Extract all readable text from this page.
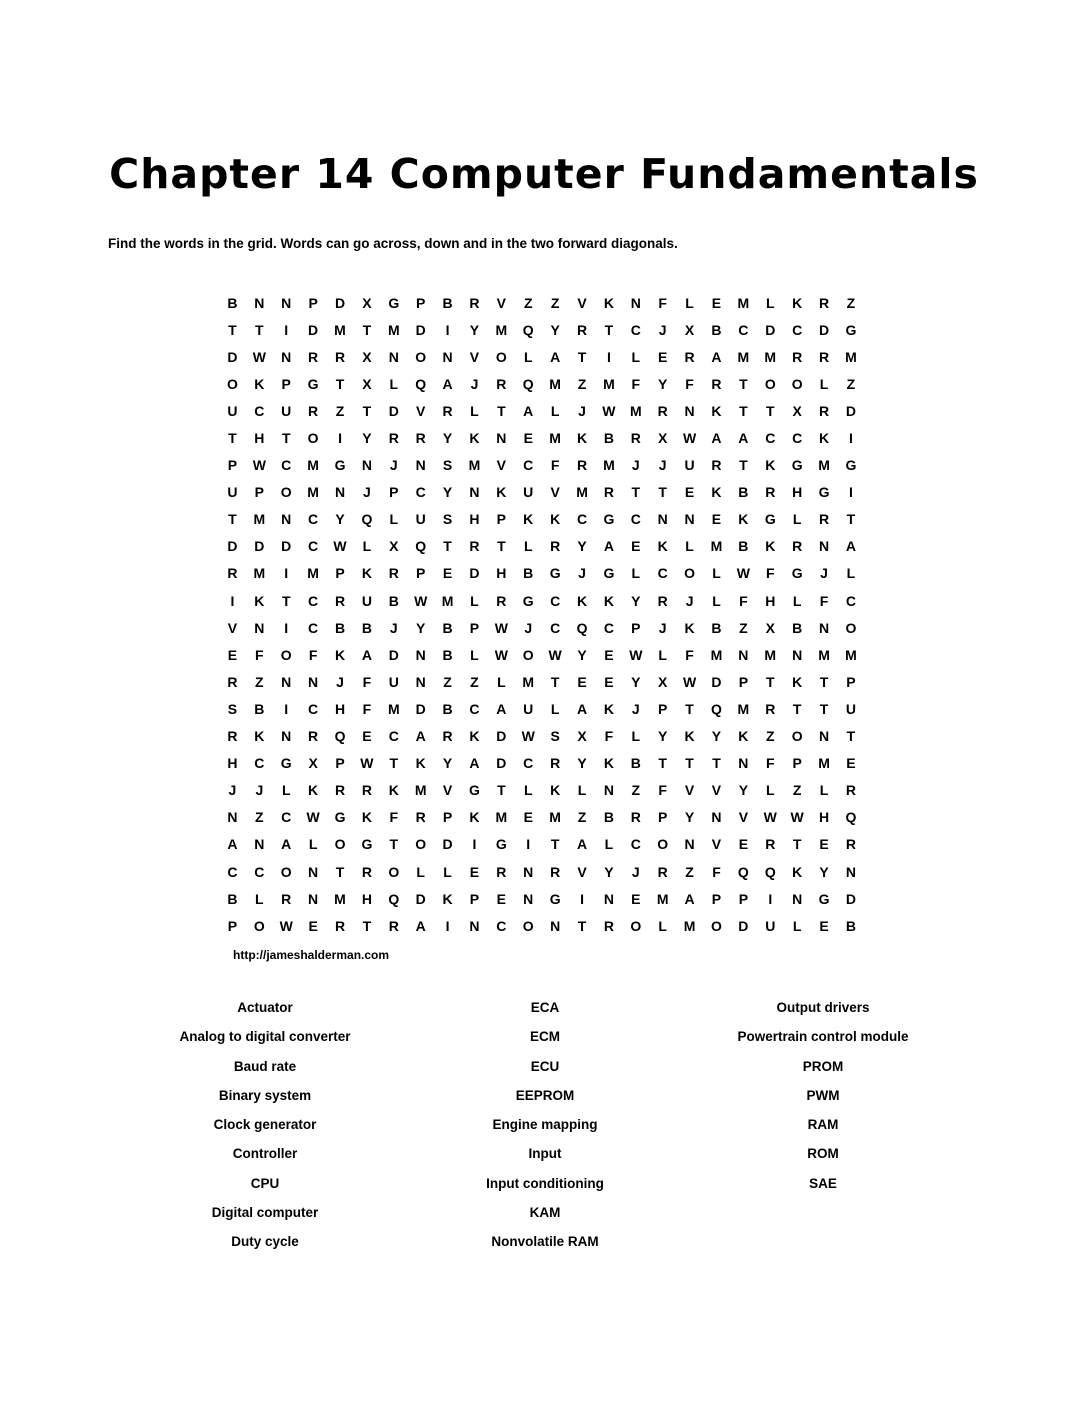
Chapter 14 Computer Fundamentals

Find the words in the grid. Words can go across, down and in the two forward diagonals.

B	N	N	P	D	X	G	P	B	R	V	Z	Z	V	K	N	F	L	E	M	L	K	R	Z
T	T	I	D	M	T	M	D	I	Y	M	Q	Y	R	T	C	J	X	B	C	D	C	D	G
D	W	N	R	R	X	N	O	N	V	O	L	A	T	I	L	E	R	A	M	M	R	R	M
O	K	P	G	T	X	L	Q	A	J	R	Q	M	Z	M	F	Y	F	R	T	O	O	L	Z
U	C	U	R	Z	T	D	V	R	L	T	A	L	J	W	M	R	N	K	T	T	X	R	D
T	H	T	O	I	Y	R	R	Y	K	N	E	M	K	B	R	X	W	A	A	C	C	K	I
P	W	C	M	G	N	J	N	S	M	V	C	F	R	M	J	J	U	R	T	K	G	M	G
U	P	O	M	N	J	P	C	Y	N	K	U	V	M	R	T	T	E	K	B	R	H	G	I
T	M	N	C	Y	Q	L	U	S	H	P	K	K	C	G	C	N	N	E	K	G	L	R	T
D	D	D	C	W	L	X	Q	T	R	T	L	R	Y	A	E	K	L	M	B	K	R	N	A
R	M	I	M	P	K	R	P	E	D	H	B	G	J	G	L	C	O	L	W	F	G	J	L
I	K	T	C	R	U	B	W	M	L	R	G	C	K	K	Y	R	J	L	F	H	L	F	C
V	N	I	C	B	B	J	Y	B	P	W	J	C	Q	C	P	J	K	B	Z	X	B	N	O
E	F	O	F	K	A	D	N	B	L	W	O	W	Y	E	W	L	F	M	N	M	N	M	M
R	Z	N	N	J	F	U	N	Z	Z	L	M	T	E	E	Y	X	W	D	P	T	K	T	P
S	B	I	C	H	F	M	D	B	C	A	U	L	A	K	J	P	T	Q	M	R	T	T	U
R	K	N	R	Q	E	C	A	R	K	D	W	S	X	F	L	Y	K	Y	K	Z	O	N	T
H	C	G	X	P	W	T	K	Y	A	D	C	R	Y	K	B	T	T	T	N	F	P	M	E
J	J	L	K	R	R	K	M	V	G	T	L	K	L	N	Z	F	V	V	Y	L	Z	L	R
N	Z	C	W	G	K	F	R	P	K	M	E	M	Z	B	R	P	Y	N	V	W W	H	Q
A	N	A	L	O	G	T	O	D	I	G	I	T	A	L	C	O	N	V	E	R	T	E	R
C	C	O	N	T	R	O	L	L	E	R	N	R	V	Y	J	R	Z	F	Q	Q	K	Y	N
B	L	R	N	M	H	Q	D	K	P	E	N	G	I	N	E	M	A	P	P	I	N	G	D
P	O	W	E	R	T	R	A	I	N	C	O	N	T	R	O	L	M	O	D	U	L	E	B
http://jameshalderman.com
Actuator
Analog to digital converter
Baud rate
Binary system
Clock generator
Controller
CPU
Digital computer
Duty cycle
ECA
ECM
ECU
EEPROM
Engine mapping
Input
Input conditioning
KAM
Nonvolatile RAM
Output drivers
Powertrain control module
PROM
PWM
RAM
ROM
SAE
